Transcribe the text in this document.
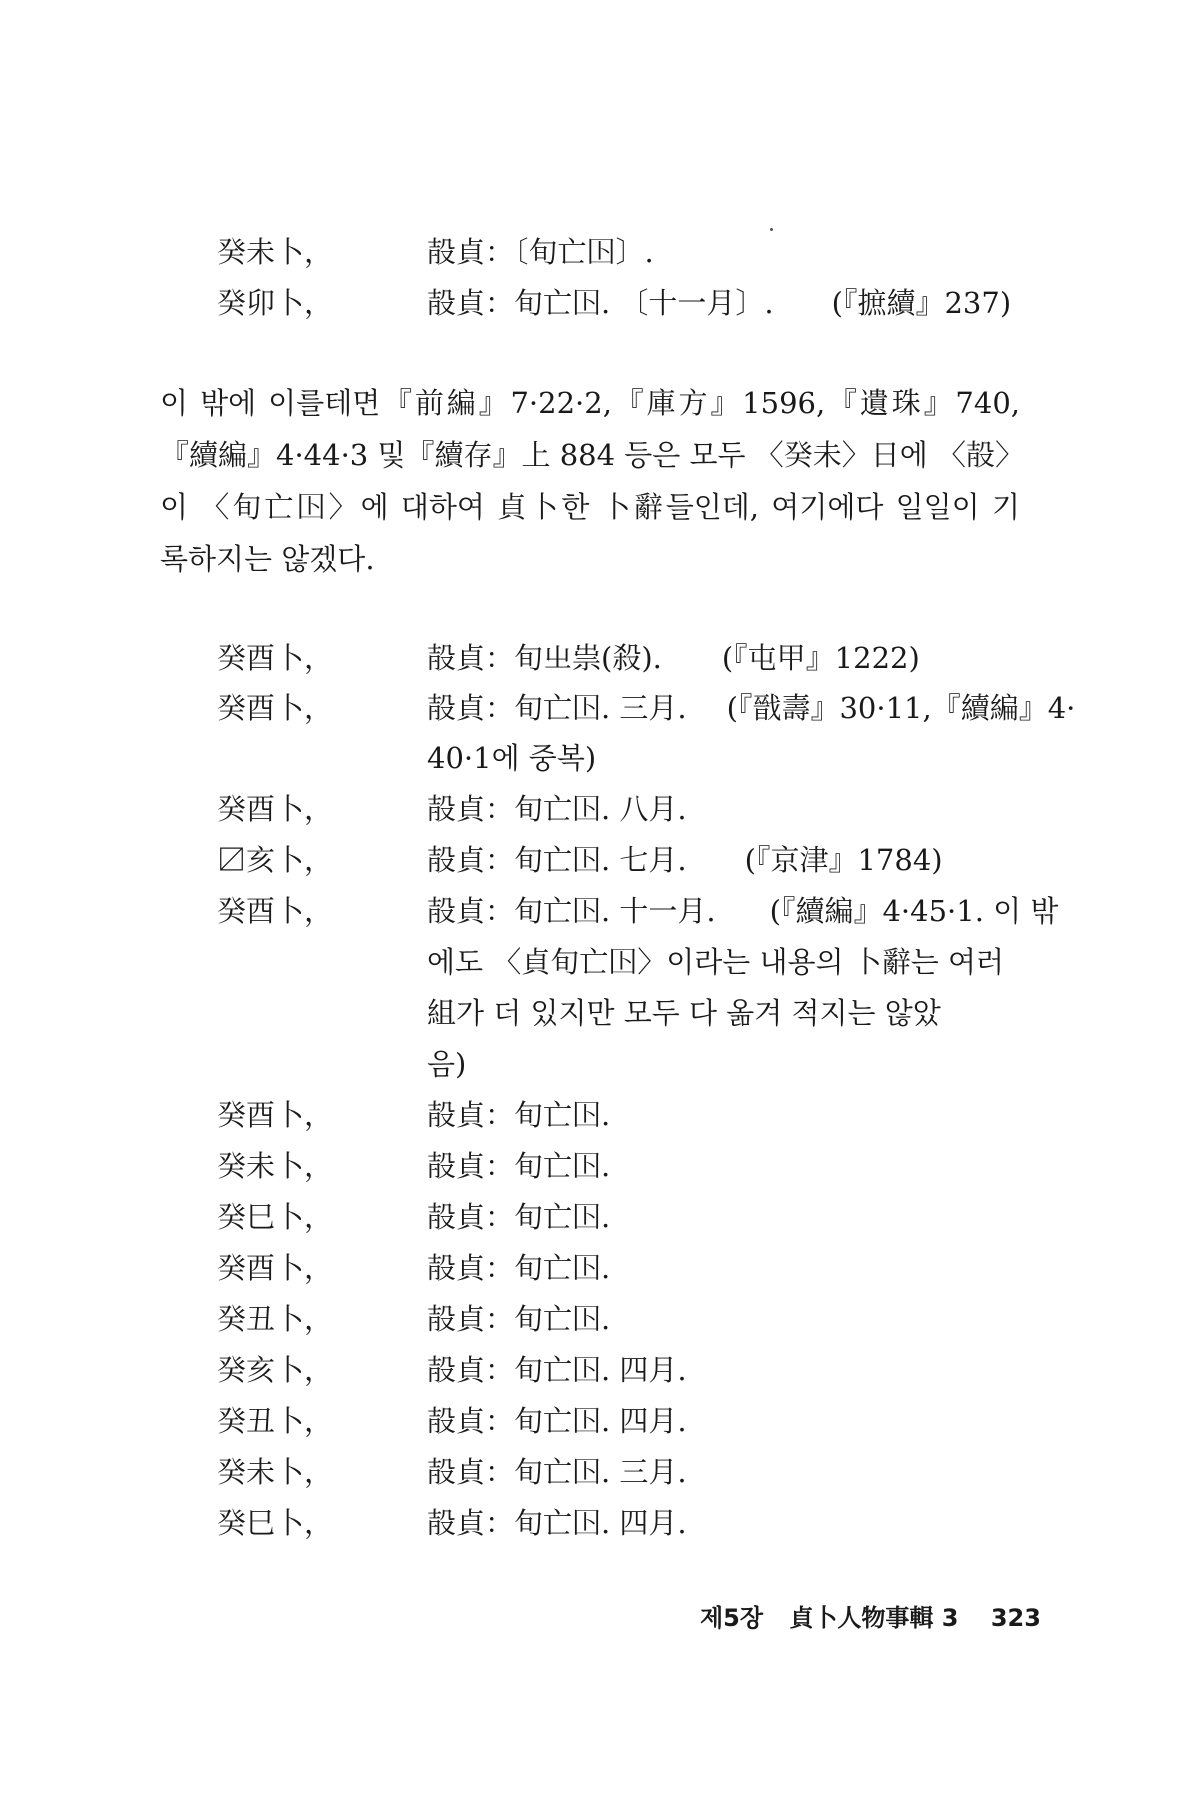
癸未卜，	㱿貞：〔旬亡𡆥〕.
癸卯卜，	㱿貞：旬亡𡆥. 〔十一月〕. (『摭續』237)
이 밖에 이를테면『前編』7·22·2,『庫方』1596,『遺珠』740,
『續編』4·44·3 및『續存』上 884 등은 모두 〈癸未〉日에 〈㱿〉
이 〈旬亡𡆥〉에 대하여 貞卜한 卜辭들인데, 여기에다 일일이 기
록하지는 않겠다.
癸酉卜，	㱿貞：旬㞢祟(殺). (『屯甲』1222)
癸酉卜，	㱿貞：旬亡𡆥. 三月. (『戩壽』30·11,『續編』4·
40·1에 중복)
癸酉卜，	㱿貞：旬亡𡆥. 八月.
〼亥卜，	㱿貞：旬亡𡆥. 七月. (『京津』1784)
癸酉卜，	㱿貞：旬亡𡆥. 十一月. (『續編』4·45·1. 이 밖
에도 〈貞旬亡𡆥〉이라는 내용의 卜辭는 여러
組가 더 있지만 모두 다 옮겨 적지는 않았
음)
癸酉卜，	㱿貞：旬亡𡆥.
癸未卜，	㱿貞：旬亡𡆥.
癸巳卜，	㱿貞：旬亡𡆥.
癸酉卜，	㱿貞：旬亡𡆥.
癸丑卜，	㱿貞：旬亡𡆥.
癸亥卜，	㱿貞：旬亡𡆥. 四月.
癸丑卜，	㱿貞：旬亡𡆥. 四月.
癸未卜，	㱿貞：旬亡𡆥. 三月.
癸巳卜，	㱿貞：旬亡𡆥. 四月.
제5장 貞卜人物事輯 3 323
